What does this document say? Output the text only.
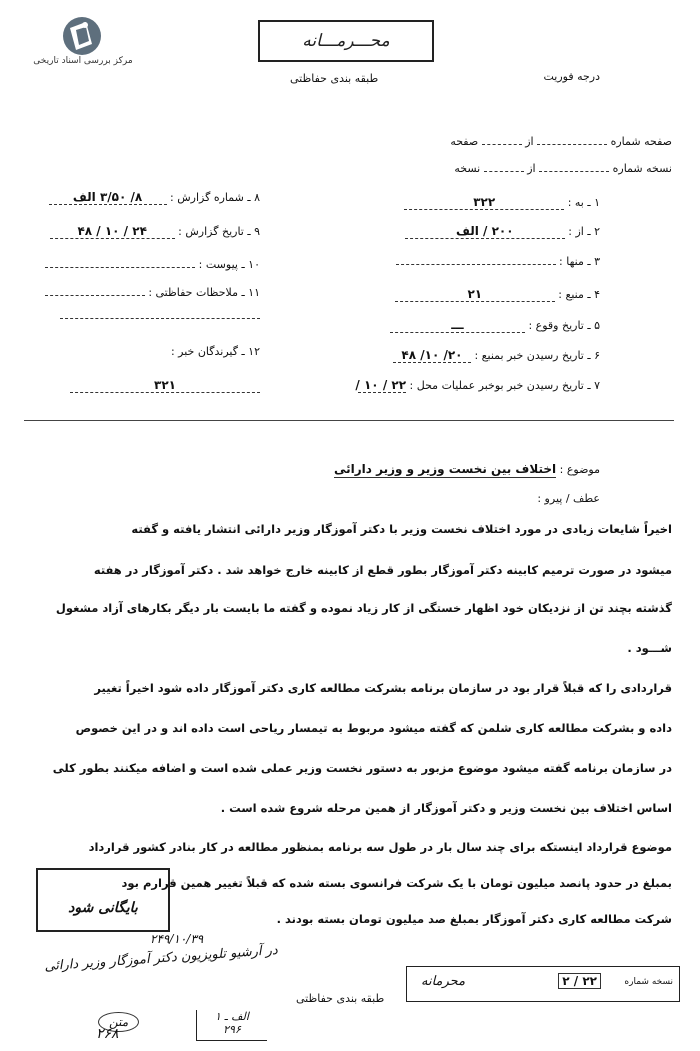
مرکز بررسی اسناد تاریخی
محـــرمـــانه
درجه فوریت
طبقه بندی حفاظتی
صفحه شماره  از  صفحه
نسخه شماره  از  نسخه
۱ ـ به : ۳۲۲
۲ ـ از : ۲۰۰ / الف
۳ ـ منها :
۴ ـ منبع : ۲۱
۵ ـ تاریخ وقوع : ـــ
۶ ـ تاریخ رسیدن خبر بمنبع : ۲۰/ ۱۰/ ۴۸
۷ ـ تاریخ رسیدن خبر بوخبر عملیات محل : ۲۲ / ۱۰ /
۸ ـ شماره گزارش : ۸/ ۳/۵۰ الف
۹ ـ تاریخ گزارش : ۲۴ / ۱۰ / ۴۸
۱۰ ـ پیوست :
۱۱ ـ ملاحظات حفاظتی :
۱۲ ـ گیرندگان خبر :
۳۲۱
موضوع : اختلاف بین نخست وزیر و وزیر دارائی
عطف / پیرو :
اخیراً شایعات زیادی در مورد اختلاف نخست وزیر با دکتر آموزگار وزیر دارائی انتشار یافته و گفته
میشود در صورت ترمیم کابینه دکتر آموزگار بطور قطع از کابینه خارج خواهد شد . دکتر آموزگار در هفته
گذشته بچند تن از نزدیکان خود اظهار خستگی از کار زیاد نموده و گفته ما بایست بار دیگر بکارهای آزاد مشغول
شـــود .
قراردادی را که قبلاً قرار بود در سازمان برنامه بشرکت مطالعه کاری دکتر آموزگار داده شود اخیراً تغییر
داده و بشرکت مطالعه کاری شلمن که گفته میشود مربوط به تیمسار ریاحی است داده اند و در این خصوص
در سازمان برنامه گفته میشود موضوع مزبور به دستور نخست وزیر عملی شده است و اضافه میکنند بطور کلی
اساس اختلاف بین نخست وزیر و دکتر آموزگار از همین مرحله شروع شده است .
موضوع قرارداد اینستکه برای چند سال بار در طول سه برنامه بمنظور مطالعه در کار بنادر کشور قرارداد
بمبلغ در حدود پانصد میلیون تومان با یک شرکت فرانسوی بسته شده که قبلاً تغییر همین قرارم بود
شرکت مطالعه کاری دکتر آموزگار بمبلغ صد میلیون تومان بسته بودند .
بایگانی شود
۲۴۹/۱۰/۳۹
در آرشیو تلویزیون دکتر آموزگار وزیر دارائی
الف ـ ۱
۲۹۶
متن
۲۶۸
طبقه بندی حفاظتی
نسخه شماره
۲ / ۲۲
محرمانه
